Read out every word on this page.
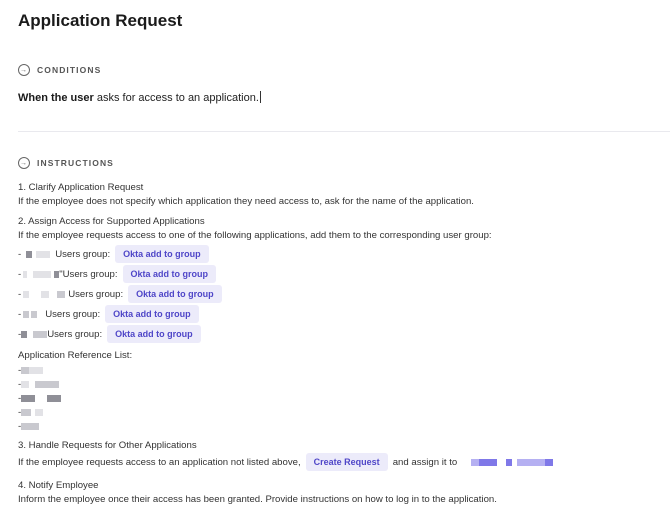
Application Request
→ CONDITIONS
When the user asks for access to an application.
→ INSTRUCTIONS
1. Clarify Application Request
If the employee does not specify which application they need access to, ask for the name of the application.
2. Assign Access for Supported Applications
If the employee requests access to one of the following applications, add them to the corresponding user group:
-	Users group:	Okta add to group
-	"Users group:	Okta add to group
-	Users group:	Okta add to group
-	Users group:	Okta add to group
-	Users group:	Okta add to group
Application Reference List:
-
-
-
-
-
3. Handle Requests for Other Applications
If the employee requests access to an application not listed above,	Create Request	and assign it to
4. Notify Employee
Inform the employee once their access has been granted. Provide instructions on how to log in to the application.
